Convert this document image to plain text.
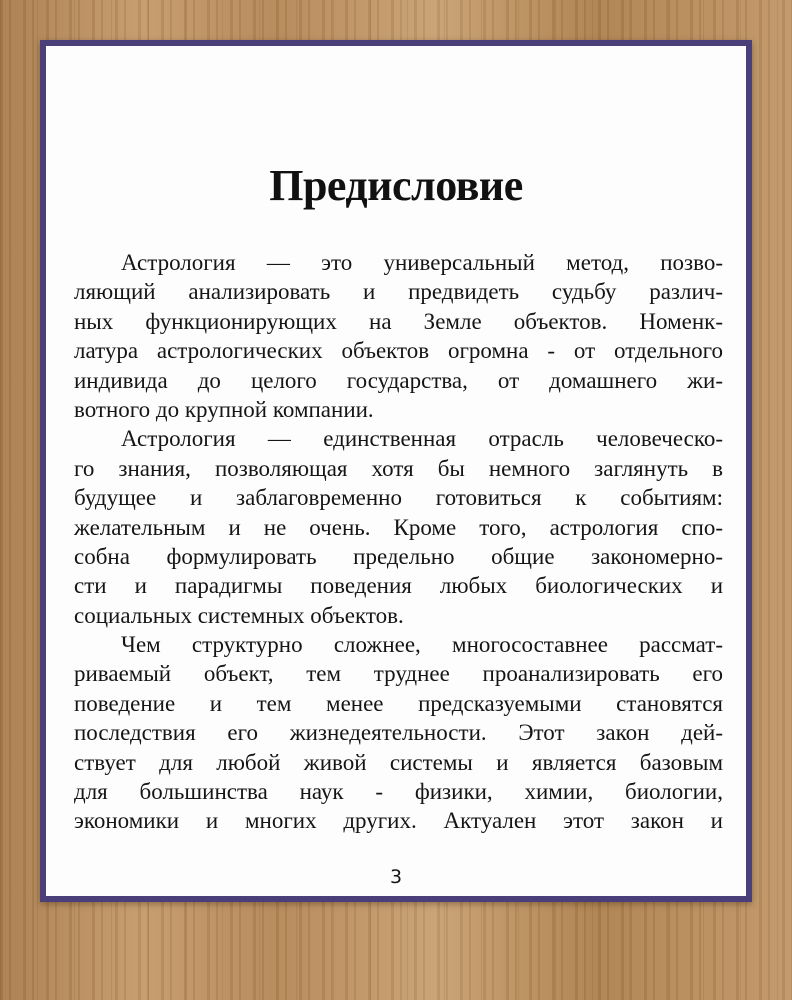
Предисловие

Астрология — это универсальный метод, позво-
ляющий анализировать и предвидеть судьбу различ-
ных функционирующих на Земле объектов. Номенк-
латура астрологических объектов огромна - от отдельного
индивида до целого государства, от домашнего жи-
вотного до крупной компании.

Астрология — единственная отрасль человеческо-
го знания, позволяющая хотя бы немного заглянуть в
будущее и заблаговременно готовиться к событиям:
желательным и не очень. Кроме того, астрология спо-
собна формулировать предельно общие закономерно-
сти и парадигмы поведения любых биологических и
социальных системных объектов.

Чем структурно сложнее, многосоставнее рассмат-
риваемый объект, тем труднее проанализировать его
поведение и тем менее предсказуемыми становятся
последствия его жизнедеятельности. Этот закон дей-
ствует для любой живой системы и является базовым
для большинства наук - физики, химии, биологии,
экономики и многих других. Актуален этот закон и

3
